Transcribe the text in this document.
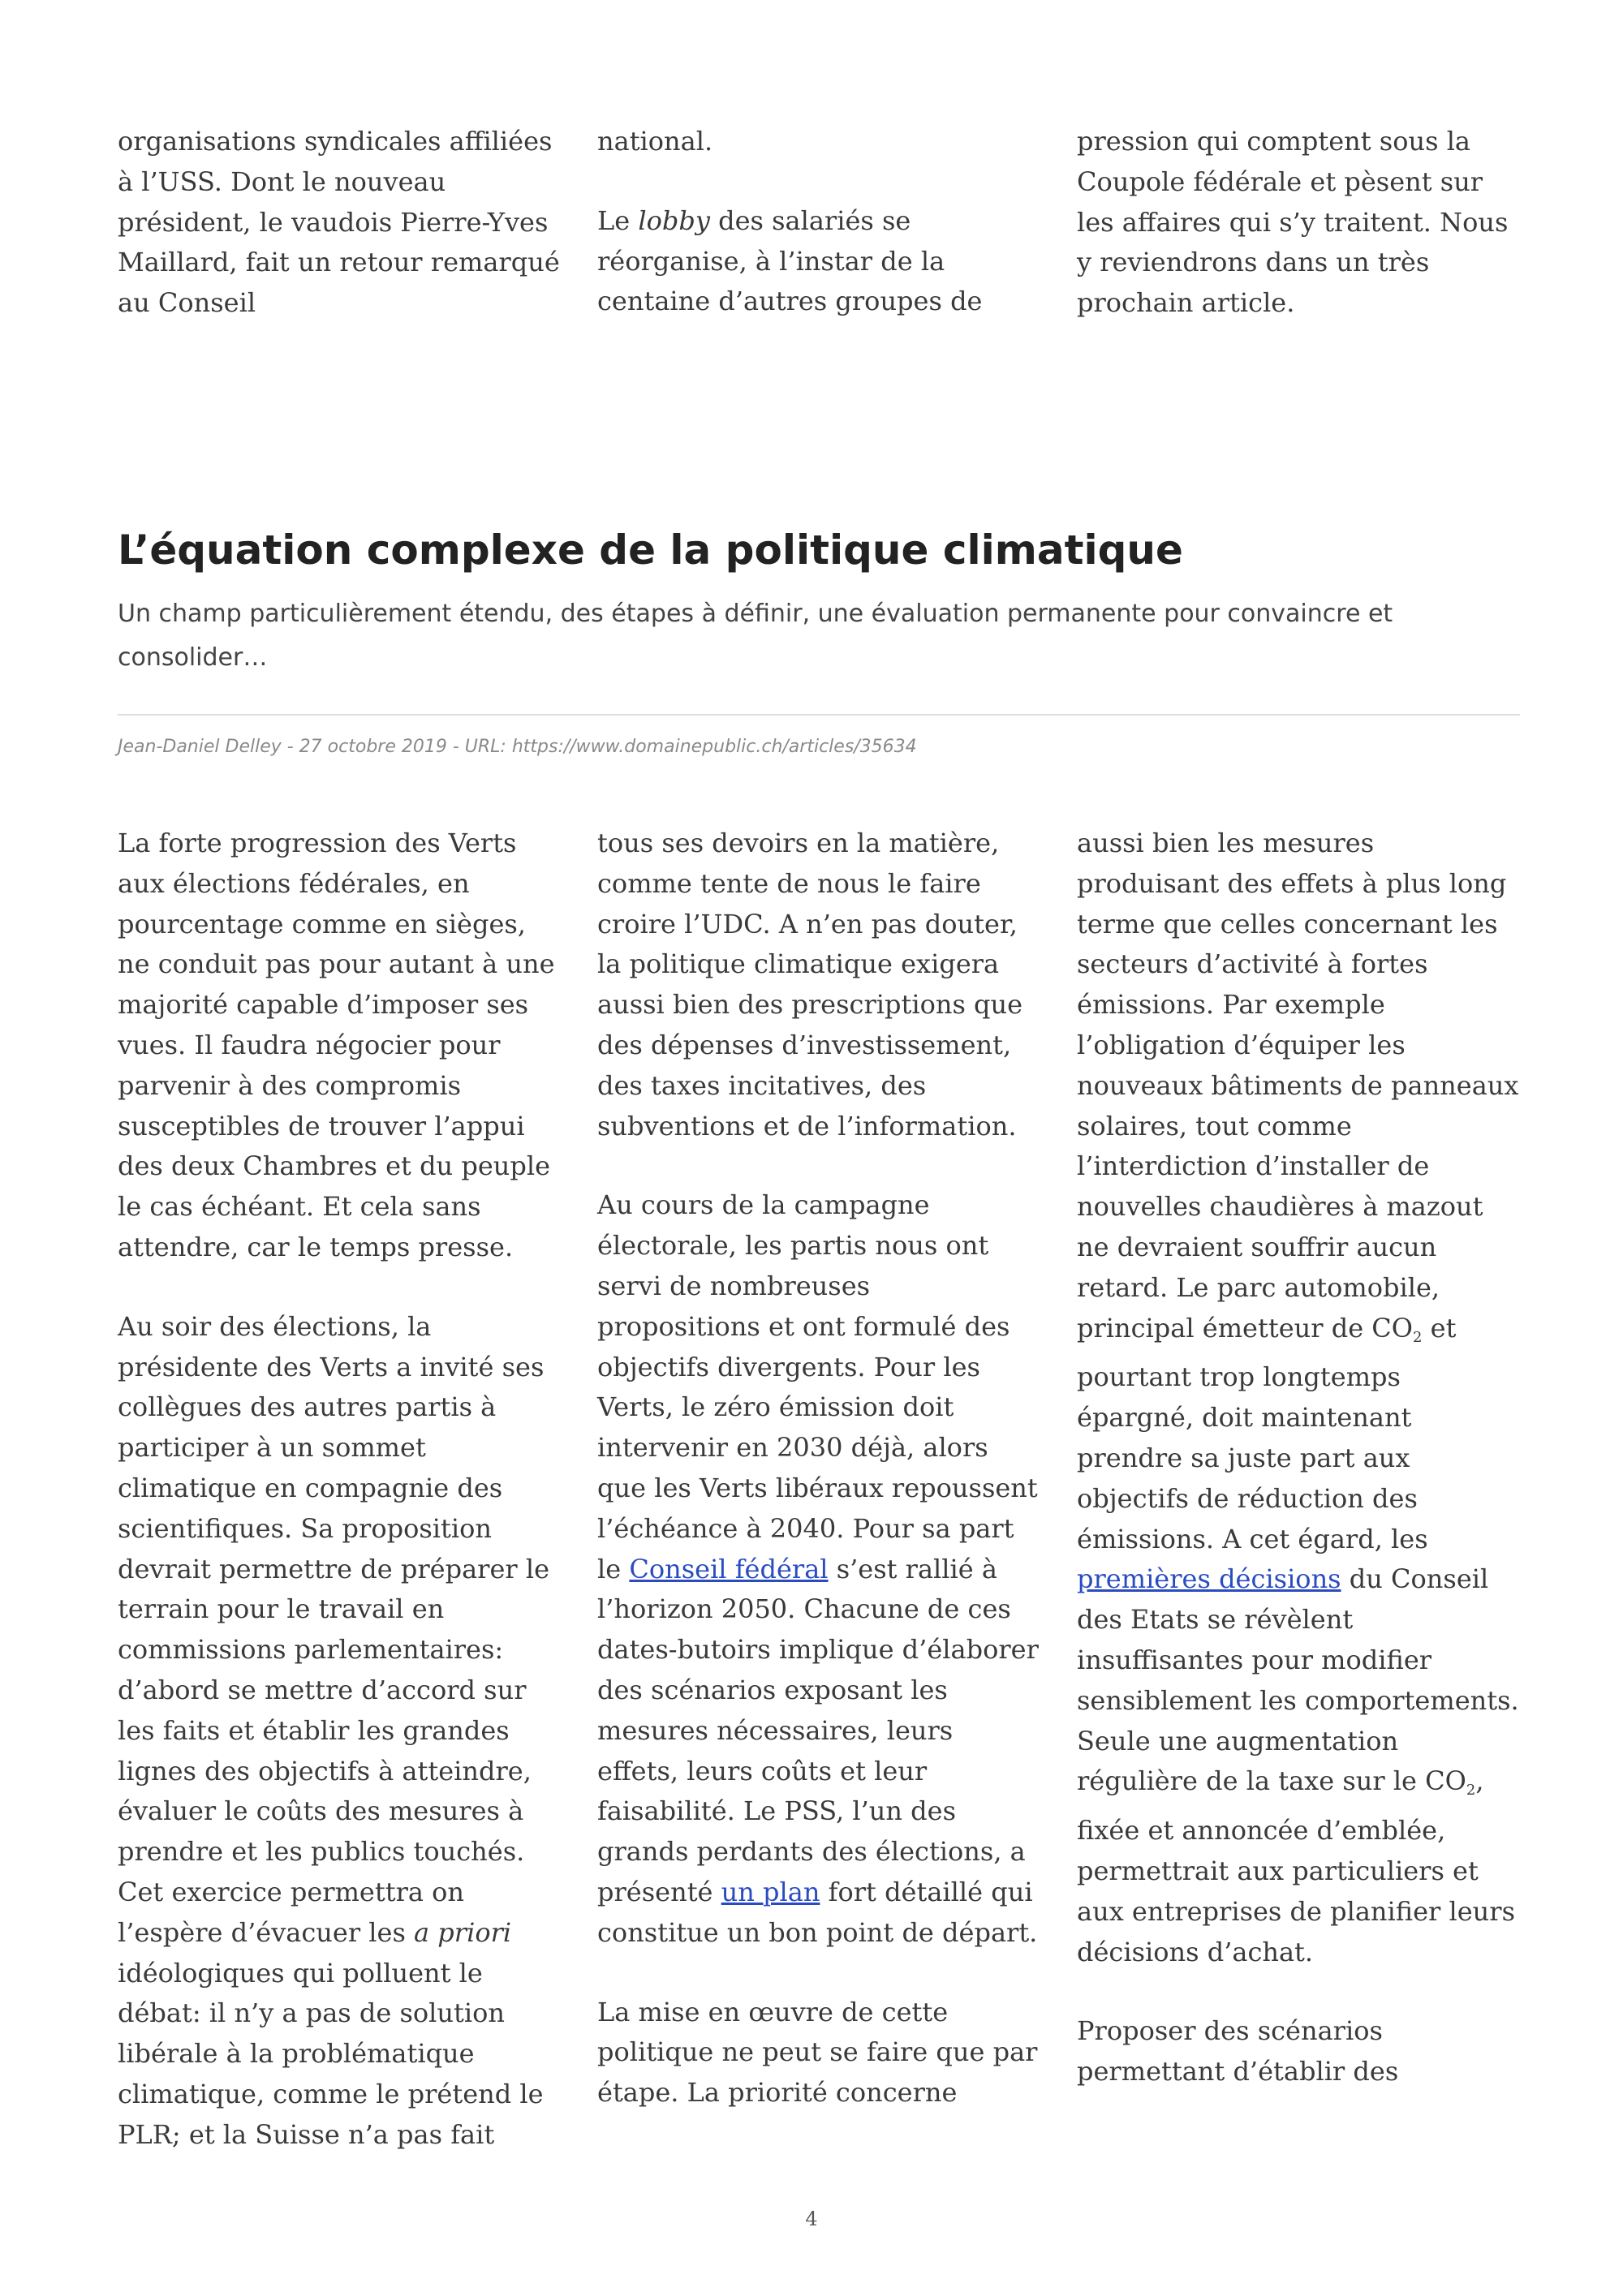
organisations syndicales affiliées à l’USS. Dont le nouveau président, le vaudois Pierre-Yves Maillard, fait un retour remarqué au Conseil

national.

Le lobby des salariés se réorganise, à l’instar de la centaine d’autres groupes de

pression qui comptent sous la Coupole fédérale et pèsent sur les affaires qui s’y traitent. Nous y reviendrons dans un très prochain article.

L’équation complexe de la politique climatique

Un champ particulièrement étendu, des étapes à définir, une évaluation permanente pour convaincre et consolider…

Jean-Daniel Delley - 27 octobre 2019 - URL: https://www.domainepublic.ch/articles/35634

La forte progression des Verts aux élections fédérales, en pourcentage comme en sièges, ne conduit pas pour autant à une majorité capable d’imposer ses vues. Il faudra négocier pour parvenir à des compromis susceptibles de trouver l’appui des deux Chambres et du peuple le cas échéant. Et cela sans attendre, car le temps presse.

Au soir des élections, la présidente des Verts a invité ses collègues des autres partis à participer à un sommet climatique en compagnie des scientifiques. Sa proposition devrait permettre de préparer le terrain pour le travail en commissions parlementaires: d’abord se mettre d’accord sur les faits et établir les grandes lignes des objectifs à atteindre, évaluer le coûts des mesures à prendre et les publics touchés. Cet exercice permettra on l’espère d’évacuer les a priori idéologiques qui polluent le débat: il n’y a pas de solution libérale à la problématique climatique, comme le prétend le PLR; et la Suisse n’a pas fait

tous ses devoirs en la matière, comme tente de nous le faire croire l’UDC. A n’en pas douter, la politique climatique exigera aussi bien des prescriptions que des dépenses d’investissement, des taxes incitatives, des subventions et de l’information.

Au cours de la campagne électorale, les partis nous ont servi de nombreuses propositions et ont formulé des objectifs divergents. Pour les Verts, le zéro émission doit intervenir en 2030 déjà, alors que les Verts libéraux repoussent l’échéance à 2040. Pour sa part le Conseil fédéral s’est rallié à l’horizon 2050. Chacune de ces dates-butoirs implique d’élaborer des scénarios exposant les mesures nécessaires, leurs effets, leurs coûts et leur faisabilité. Le PSS, l’un des grands perdants des élections, a présenté un plan fort détaillé qui constitue un bon point de départ.

La mise en œuvre de cette politique ne peut se faire que par étape. La priorité concerne

aussi bien les mesures produisant des effets à plus long terme que celles concernant les secteurs d’activité à fortes émissions. Par exemple l’obligation d’équiper les nouveaux bâtiments de panneaux solaires, tout comme l’interdiction d’installer de nouvelles chaudières à mazout ne devraient souffrir aucun retard. Le parc automobile, principal émetteur de $CO_2$ et pourtant trop longtemps épargné, doit maintenant prendre sa juste part aux objectifs de réduction des émissions. A cet égard, les premières décisions du Conseil des Etats se révèlent insuffisantes pour modifier sensiblement les comportements. Seule une augmentation régulière de la taxe sur le $CO_2$, fixée et annoncée d’emblée, permettrait aux particuliers et aux entreprises de planifier leurs décisions d’achat.

Proposer des scénarios permettant d’établir des

4
